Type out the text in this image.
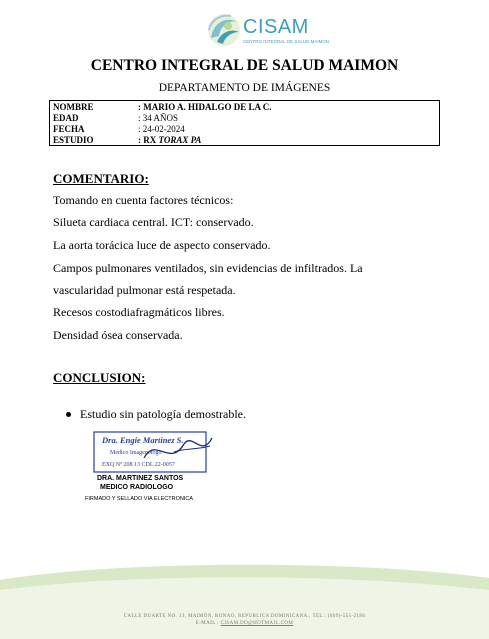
CISAM
CENTRO INTEGRAL DE SALUD MAIMON
CENTRO INTEGRAL DE SALUD MAIMON
DEPARTAMENTO DE IMÁGENES
NOMBRE	: MARIO A. HIDALGO DE LA C.
EDAD	: 34 AÑOS
FECHA	: 24-02-2024
ESTUDIO	: RX TORAX PA
COMENTARIO:
Tomando en cuenta factores técnicos:
Silueta cardiaca central. ICT: conservado.
La aorta torácica luce de aspecto conservado.
Campos pulmonares ventilados, sin evidencias de infiltrados. La
vascularidad pulmonar está respetada.
Recesos costodiafragmáticos libres.
Densidad ósea conservada.
CONCLUSION:
Estudio sin patología demostrable.
Dra. Engie Martinez S.
Medico Imagenologo
EXQ Nº 208 13 CDL 22-0057
DRA. MARTINEZ SANTOS
MEDICO RADIOLOGO
FIRMADO Y SELLADO VIA ELECTRONICA
CALLE DUARTE NO. 13, MAIMÓN, BONAO, REPUBLICA DOMINICANA., TEL.: (809)-551-2186
E-MAIL : CISAM.DO@HOTMAIL.COM
